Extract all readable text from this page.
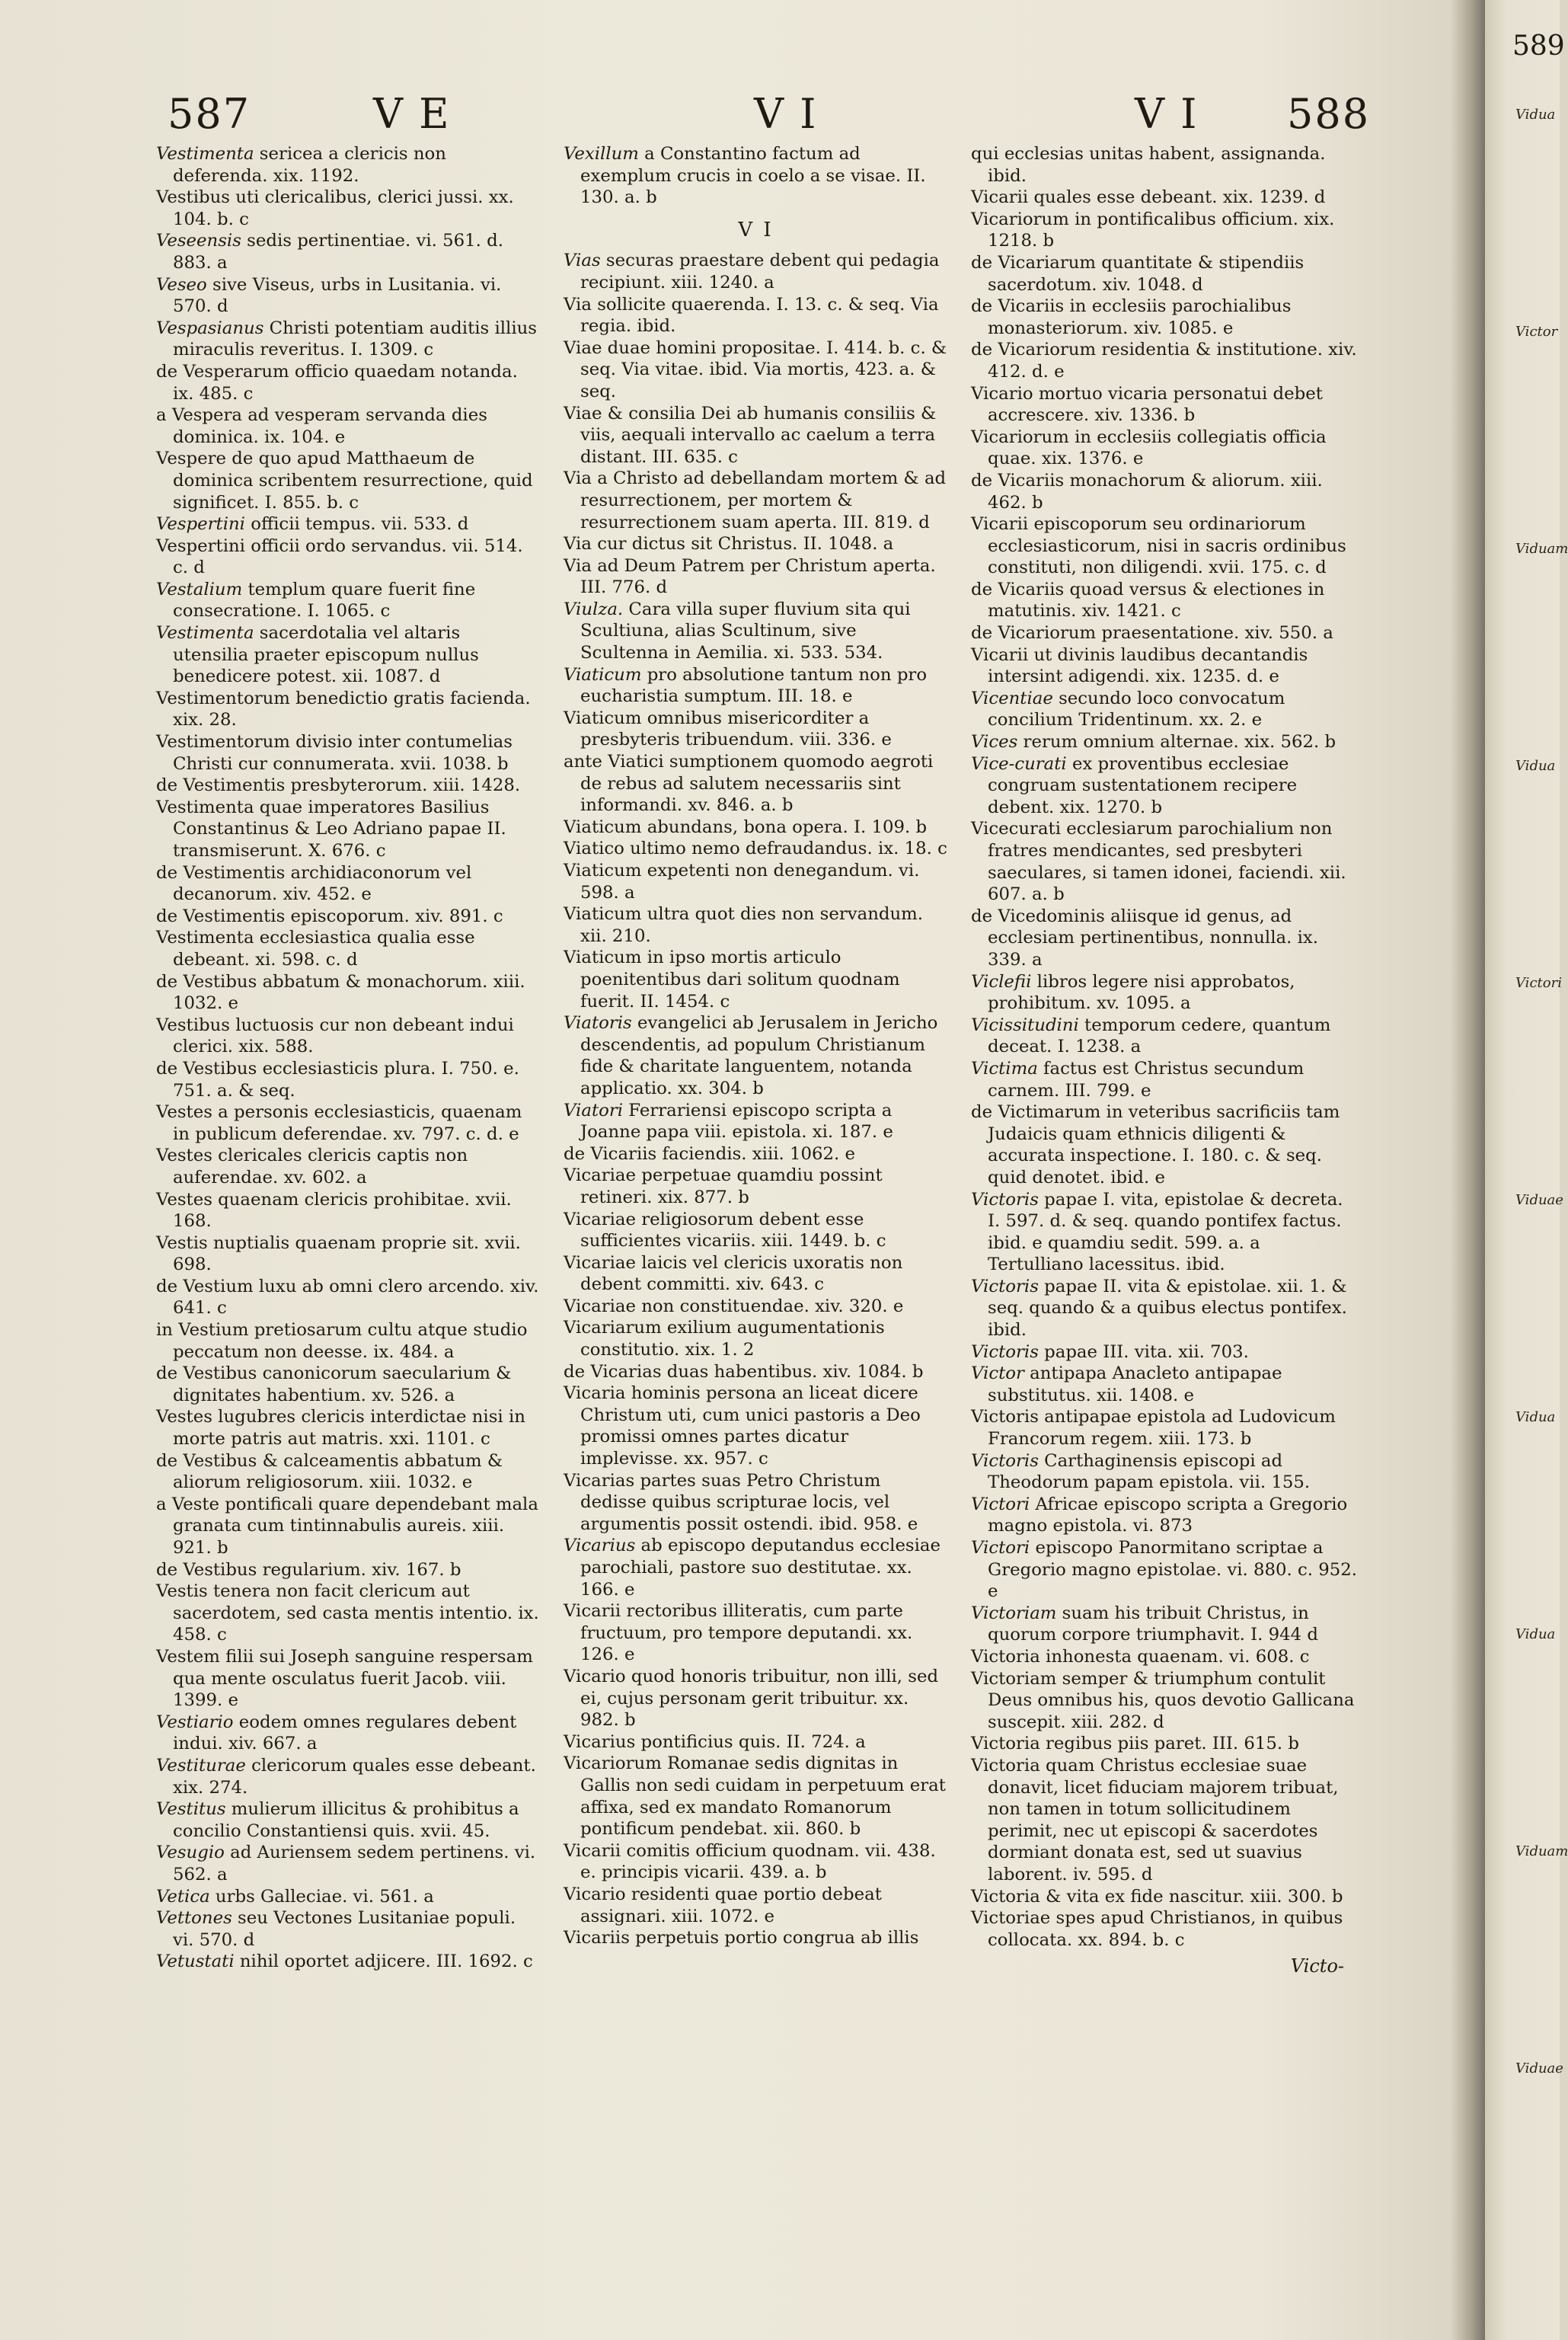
587	V E	V I	V I 588

Vestimenta sericea a clericis non deferenda. xix. 1192.

Vestibus uti clericalibus, clerici jussi. xx. 104. b. c

Veseensis sedis pertinentiae. vi. 561. d. 883. a

Veseo sive Viseus, urbs in Lusitania. vi. 570. d

Vespasianus Christi potentiam auditis illius miraculis reveritus. I. 1309. c

de Vesperarum officio quaedam notanda. ix. 485. c

a Vespera ad vesperam servanda dies dominica. ix. 104. e

Vespere de quo apud Matthaeum de dominica scribentem resurrectione, quid significet. I. 855. b. c

Vespertini officii tempus. vii. 533. d

Vespertini officii ordo servandus. vii. 514. c. d

Vestalium templum quare fuerit fine consecratione. I. 1065. c

Vestimenta sacerdotalia vel altaris utensilia praeter episcopum nullus benedicere potest. xii. 1087. d

Vestimentorum benedictio gratis facienda. xix. 28.

Vestimentorum divisio inter contumelias Christi cur connumerata. xvii. 1038. b

de Vestimentis presbyterorum. xiii. 1428.

Vestimenta quae imperatores Basilius Constantinus & Leo Adriano papae II. transmiserunt. X. 676. c

de Vestimentis archidiaconorum vel decanorum. xiv. 452. e

de Vestimentis episcoporum. xiv. 891. c

Vestimenta ecclesiastica qualia esse debeant. xi. 598. c. d

de Vestibus abbatum & monachorum. xiii. 1032. e

Vestibus luctuosis cur non debeant indui clerici. xix. 588.

de Vestibus ecclesiasticis plura. I. 750. e. 751. a. & seq.

Vestes a personis ecclesiasticis, quaenam in publicum deferendae. xv. 797. c. d. e

Vestes clericales clericis captis non auferendae. xv. 602. a

Vestes quaenam clericis prohibitae. xvii. 168.

Vestis nuptialis quaenam proprie sit. xvii. 698.

de Vestium luxu ab omni clero arcendo. xiv. 641. c

in Vestium pretiosarum cultu atque studio peccatum non deesse. ix. 484. a

de Vestibus canonicorum saecularium & dignitates habentium. xv. 526. a

Vestes lugubres clericis interdictae nisi in morte patris aut matris. xxi. 1101. c

de Vestibus & calceamentis abbatum & aliorum religiosorum. xiii. 1032. e

a Veste pontificali quare dependebant mala granata cum tintinnabulis aureis. xiii. 921. b

de Vestibus regularium. xiv. 167. b

Vestis tenera non facit clericum aut sacerdotem, sed casta mentis intentio. ix. 458. c

Vestem filii sui Joseph sanguine respersam qua mente osculatus fuerit Jacob. viii. 1399. e

Vestiario eodem omnes regulares debent indui. xiv. 667. a

Vestiturae clericorum quales esse debeant. xix. 274.

Vestitus mulierum illicitus & prohibitus a concilio Constantiensi quis. xvii. 45.

Vesugio ad Auriensem sedem pertinens. vi. 562. a

Vetica urbs Galleciae. vi. 561. a

Vettones seu Vectones Lusitaniae populi. vi. 570. d

Vetustati nihil oportet adjicere. III. 1692. c

Vexillum a Constantino factum ad exemplum crucis in coelo a se visae. II. 130. a. b

V I

Vias securas praestare debent qui pedagia recipiunt. xiii. 1240. a

Via sollicite quaerenda. I. 13. c. & seq. Via regia. ibid.

Viae duae homini propositae. I. 414. b. c. & seq. Via vitae. ibid. Via mortis, 423. a. & seq.

Viae & consilia Dei ab humanis consiliis & viis, aequali intervallo ac caelum a terra distant. III. 635. c

Via a Christo ad debellandam mortem & ad resurrectionem, per mortem & resurrectionem suam aperta. III. 819. d

Via cur dictus sit Christus. II. 1048. a

Via ad Deum Patrem per Christum aperta. III. 776. d

Viulza. Cara villa super fluvium sita qui Scultiuna, alias Scultinum, sive Scultenna in Aemilia. xi. 533. 534.

Viaticum pro absolutione tantum non pro eucharistia sumptum. III. 18. e

Viaticum omnibus misericorditer a presbyteris tribuendum. viii. 336. e

ante Viatici sumptionem quomodo aegroti de rebus ad salutem necessariis sint informandi. xv. 846. a. b

Viaticum abundans, bona opera. I. 109. b

Viatico ultimo nemo defraudandus. ix. 18. c

Viaticum expetenti non denegandum. vi. 598. a

Viaticum ultra quot dies non servandum. xii. 210.

Viaticum in ipso mortis articulo poenitentibus dari solitum quodnam fuerit. II. 1454. c

Viatoris evangelici ab Jerusalem in Jericho descendentis, ad populum Christianum fide & charitate languentem, notanda applicatio. xx. 304. b

Viatori Ferrariensi episcopo scripta a Joanne papa viii. epistola. xi. 187. e

de Vicariis faciendis. xiii. 1062. e

Vicariae perpetuae quamdiu possint retineri. xix. 877. b

Vicariae religiosorum debent esse sufficientes vicariis. xiii. 1449. b. c

Vicariae laicis vel clericis uxoratis non debent committi. xiv. 643. c

Vicariae non constituendae. xiv. 320. e

Vicariarum exilium augumentationis constitutio. xix. 1. 2

de Vicarias duas habentibus. xiv. 1084. b

Vicaria hominis persona an liceat dicere Christum uti, cum unici pastoris a Deo promissi omnes partes dicatur implevisse. xx. 957. c

Vicarias partes suas Petro Christum dedisse quibus scripturae locis, vel argumentis possit ostendi. ibid. 958. e

Vicarius ab episcopo deputandus ecclesiae parochiali, pastore suo destitutae. xx. 166. e

Vicarii rectoribus illiteratis, cum parte fructuum, pro tempore deputandi. xx. 126. e

Vicario quod honoris tribuitur, non illi, sed ei, cujus personam gerit tribuitur. xx. 982. b

Vicarius pontificius quis. II. 724. a

Vicariorum Romanae sedis dignitas in Gallis non sedi cuidam in perpetuum erat affixa, sed ex mandato Romanorum pontificum pendebat. xii. 860. b

Vicarii comitis officium quodnam. vii. 438. e. principis vicarii. 439. a. b

Vicario residenti quae portio debeat assignari. xiii. 1072. e

Vicariis perpetuis portio congrua ab illis

qui ecclesias unitas habent, assignanda. ibid.

Vicarii quales esse debeant. xix. 1239. d

Vicariorum in pontificalibus officium. xix. 1218. b

de Vicariarum quantitate & stipendiis sacerdotum. xiv. 1048. d

de Vicariis in ecclesiis parochialibus monasteriorum. xiv. 1085. e

de Vicariorum residentia & institutione. xiv. 412. d. e

Vicario mortuo vicaria personatui debet accrescere. xiv. 1336. b

Vicariorum in ecclesiis collegiatis officia quae. xix. 1376. e

de Vicariis monachorum & aliorum. xiii. 462. b

Vicarii episcoporum seu ordinariorum ecclesiasticorum, nisi in sacris ordinibus constituti, non diligendi. xvii. 175. c. d

de Vicariis quoad versus & electiones in matutinis. xiv. 1421. c

de Vicariorum praesentatione. xiv. 550. a

Vicarii ut divinis laudibus decantandis intersint adigendi. xix. 1235. d. e

Vicentiae secundo loco convocatum concilium Tridentinum. xx. 2. e

Vices rerum omnium alternae. xix. 562. b

Vice-curati ex proventibus ecclesiae congruam sustentationem recipere debent. xix. 1270. b

Vicecurati ecclesiarum parochialium non fratres mendicantes, sed presbyteri saeculares, si tamen idonei, faciendi. xii. 607. a. b

de Vicedominis aliisque id genus, ad ecclesiam pertinentibus, nonnulla. ix. 339. a

Viclefii libros legere nisi approbatos, prohibitum. xv. 1095. a

Vicissitudini temporum cedere, quantum deceat. I. 1238. a

Victima factus est Christus secundum carnem. III. 799. e

de Victimarum in veteribus sacrificiis tam Judaicis quam ethnicis diligenti & accurata inspectione. I. 180. c. & seq. quid denotet. ibid. e

Victoris papae I. vita, epistolae & decreta. I. 597. d. & seq. quando pontifex factus. ibid. e quamdiu sedit. 599. a. a Tertulliano lacessitus. ibid.

Victoris papae II. vita & epistolae. xii. 1. & seq. quando & a quibus electus pontifex. ibid.

Victoris papae III. vita. xii. 703.

Victor antipapa Anacleto antipapae substitutus. xii. 1408. e

Victoris antipapae epistola ad Ludovicum Francorum regem. xiii. 173. b

Victoris Carthaginensis episcopi ad Theodorum papam epistola. vii. 155.

Victori Africae episcopo scripta a Gregorio magno epistola. vi. 873

Victori episcopo Panormitano scriptae a Gregorio magno epistolae. vi. 880. c. 952. e

Victoriam suam his tribuit Christus, in quorum corpore triumphavit. I. 944 d

Victoria inhonesta quaenam. vi. 608. c

Victoriam semper & triumphum contulit Deus omnibus his, quos devotio Gallicana suscepit. xiii. 282. d

Victoria regibus piis paret. III. 615. b

Victoria quam Christus ecclesiae suae donavit, licet fiduciam majorem tribuat, non tamen in totum sollicitudinem perimit, nec ut episcopi & sacerdotes dormiant donata est, sed ut suavius laborent. iv. 595. d

Victoria & vita ex fide nascitur. xiii. 300. b

Victoriae spes apud Christianos, in quibus collocata. xx. 894. b. c

Victo-
589
Vidua
Victor
Viduam
Vidua
Victori
Viduae
Vidua
Vidua
Viduam
Viduae
